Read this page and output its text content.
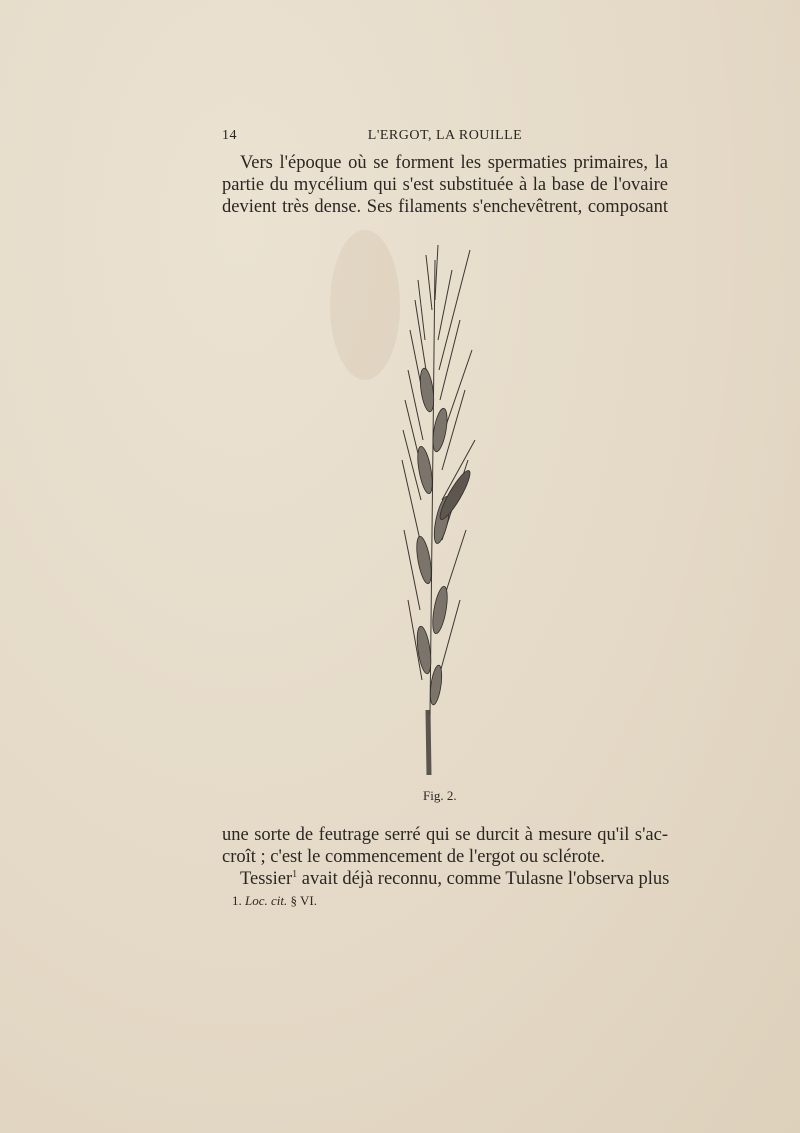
14	L'ERGOT, LA ROUILLE
Vers l'époque où se forment les spermaties primaires, la
partie du mycélium qui s'est substituée à la base de l'ovaire
devient très dense. Ses filaments s'enchevêtrent, composant
Fig. 2.
une sorte de feutrage serré qui se durcit à mesure qu'il s'ac-
croît ; c'est le commencement de l'ergot ou sclérote.
Tessier$^1$ avait déjà reconnu, comme Tulasne l'observa plus
1. Loc. cit. § VI.
